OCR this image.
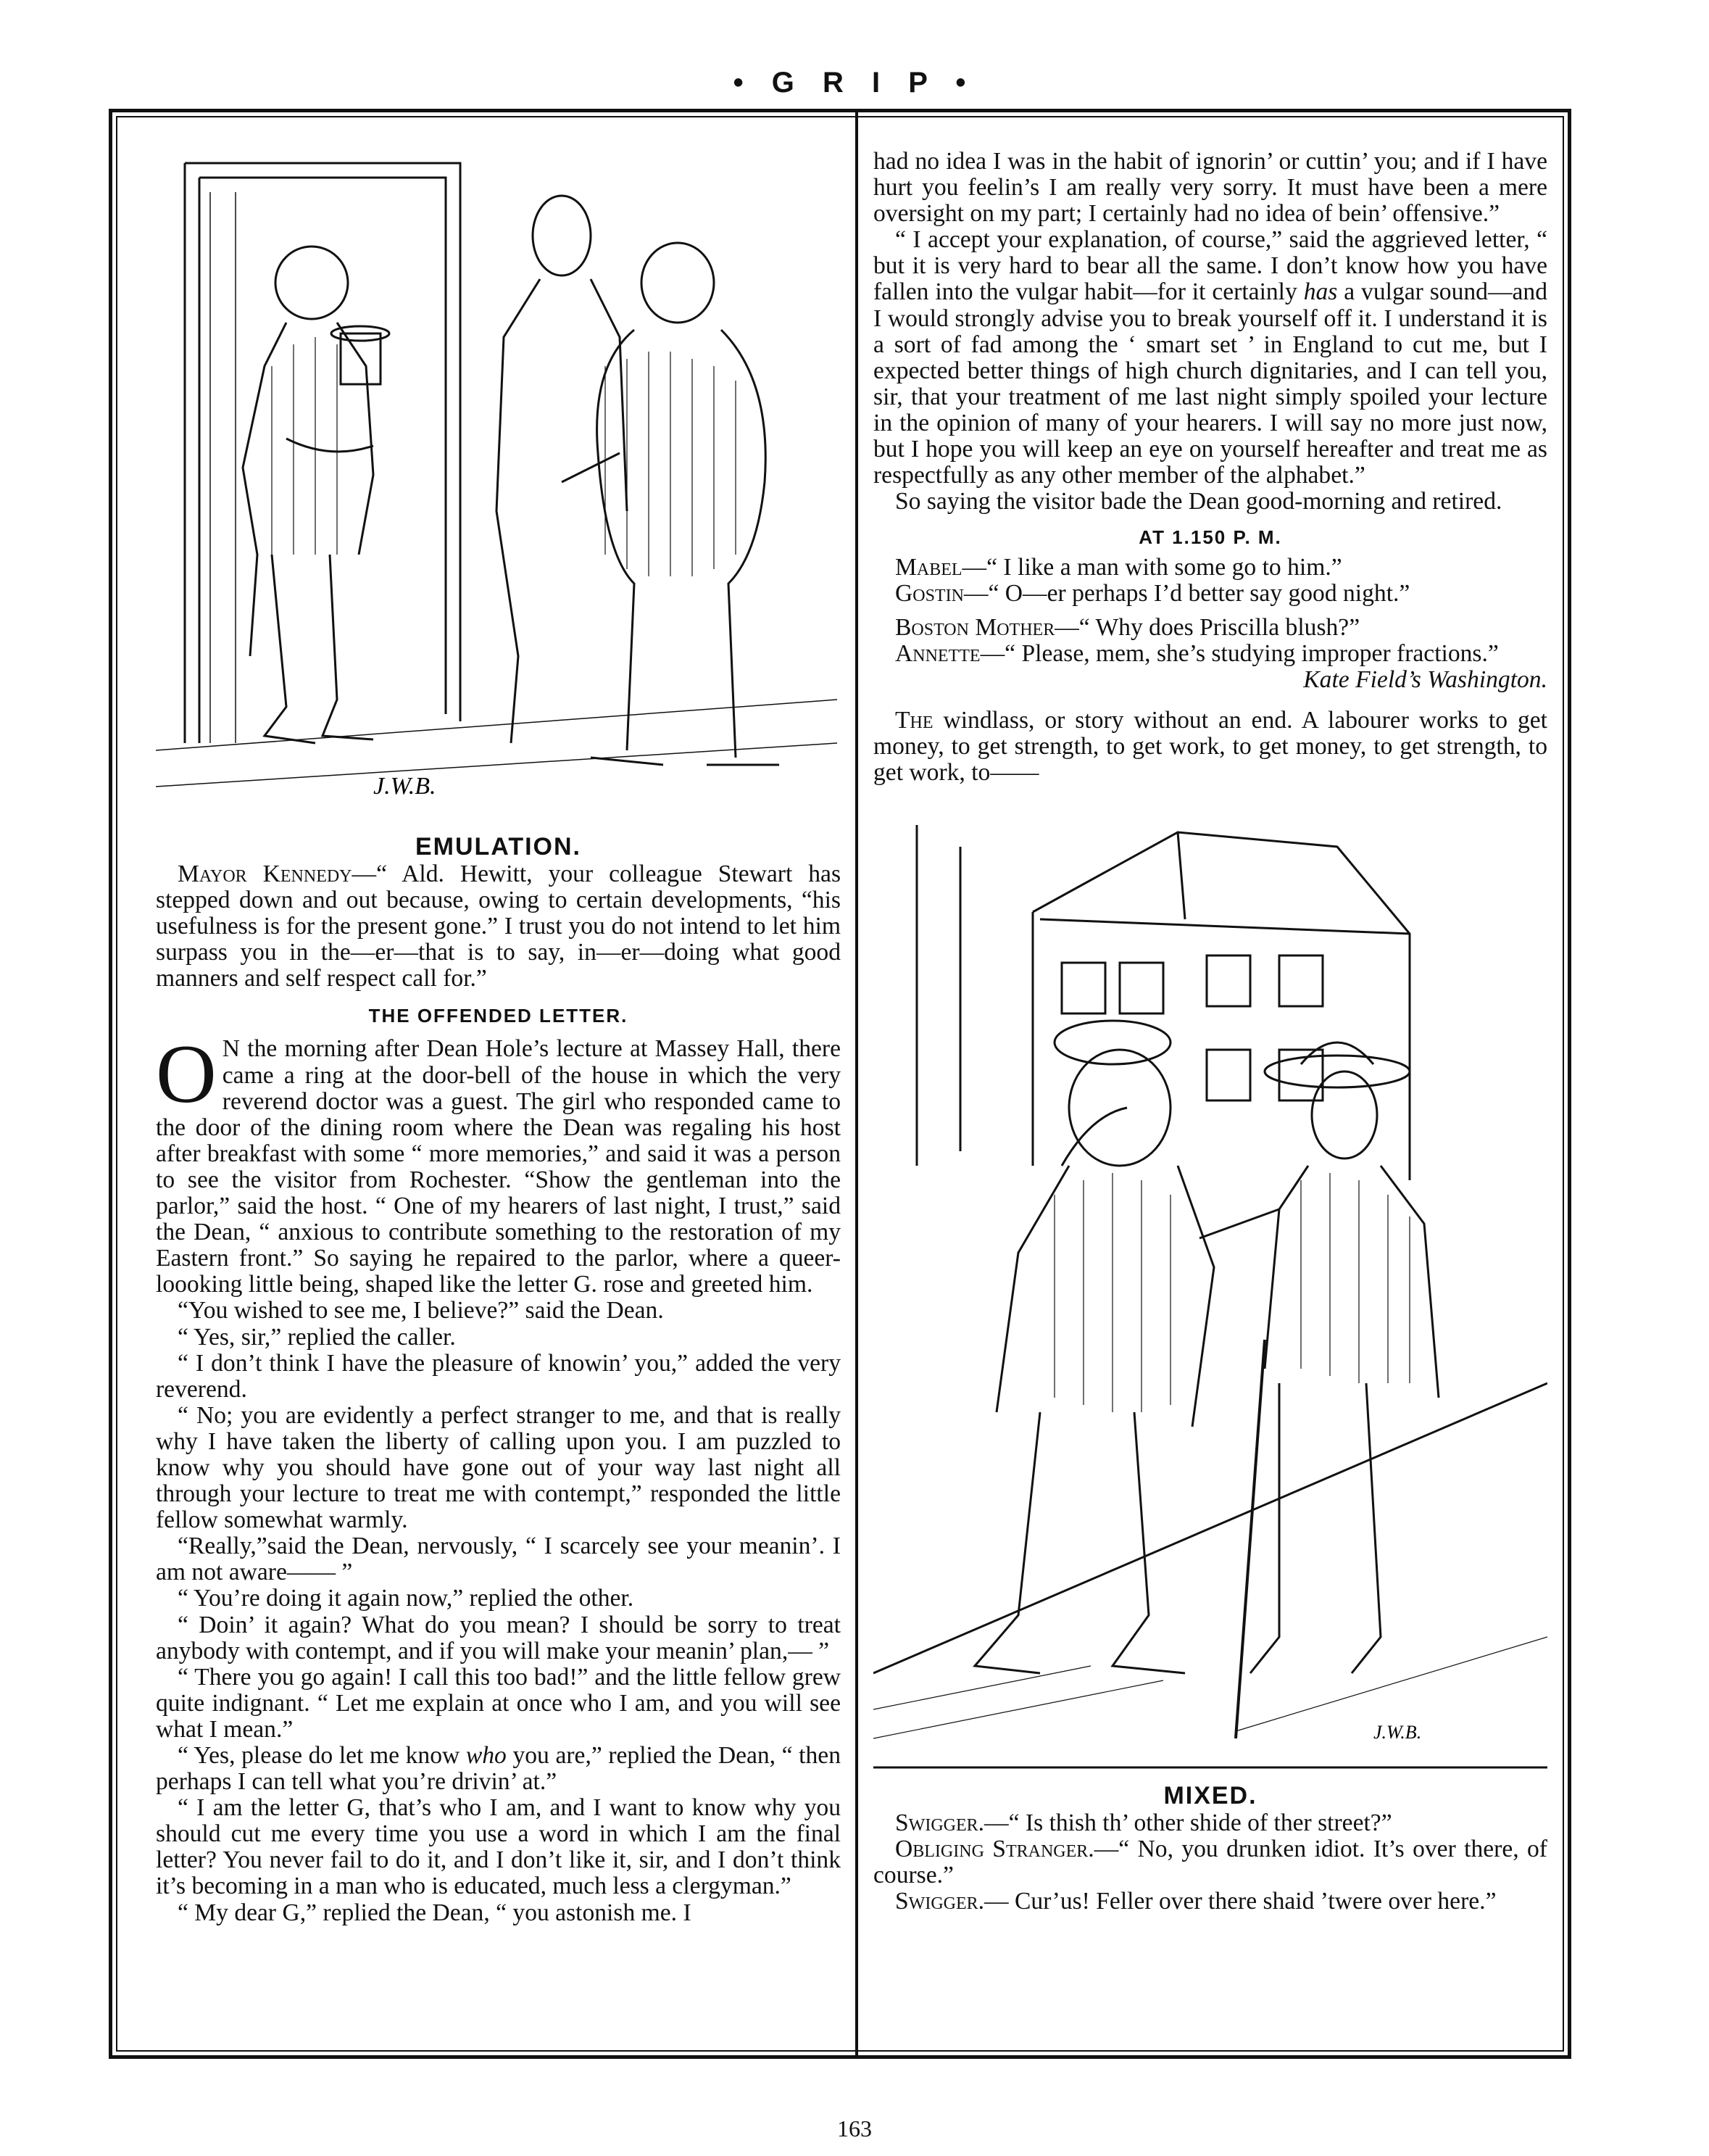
• G R I P •
J.W.B.

EMULATION.

Mayor Kennedy—“ Ald. Hewitt, your colleague Stewart has stepped down and out because, owing to certain developments, “his usefulness is for the present gone.” I trust you do not intend to let him surpass you in the—er—that is to say, in—er—doing what good manners and self respect call for.”

THE OFFENDED LETTER.

O N the morning after Dean Hole’s lecture at Massey Hall, there came a ring at the door-bell of the house in which the very reverend doctor was a guest. The girl who responded came to the door of the dining room where the Dean was regaling his host after breakfast with some “ more memories,” and said it was a person to see the visitor from Rochester. “Show the gentleman into the parlor,” said the host. “ One of my hearers of last night, I trust,” said the Dean, “ anxious to contribute something to the restoration of my Eastern front.” So saying he repaired to the parlor, where a queer-loooking little being, shaped like the letter G. rose and greeted him.

“You wished to see me, I believe?” said the Dean.

“ Yes, sir,” replied the caller.

“ I don’t think I have the pleasure of knowin’ you,” added the very reverend.

“ No; you are evidently a perfect stranger to me, and that is really why I have taken the liberty of calling upon you. I am puzzled to know why you should have gone out of your way last night all through your lecture to treat me with contempt,” responded the little fellow somewhat warmly.

“Really,”said the Dean, nervously, “ I scarcely see your meanin’. I am not aware—— ”

“ You’re doing it again now,” replied the other.

“ Doin’ it again? What do you mean? I should be sorry to treat anybody with contempt, and if you will make your meanin’ plan,— ”

“ There you go again! I call this too bad!” and the little fellow grew quite indignant. “ Let me explain at once who I am, and you will see what I mean.”

“ Yes, please do let me know who you are,” replied the Dean, “ then perhaps I can tell what you’re drivin’ at.”

“ I am the letter G, that’s who I am, and I want to know why you should cut me every time you use a word in which I am the final letter? You never fail to do it, and I don’t like it, sir, and I don’t think it’s becoming in a man who is educated, much less a clergyman.”

“ My dear G,” replied the Dean, “ you astonish me. I

had no idea I was in the habit of ignorin’ or cuttin’ you; and if I have hurt you feelin’s I am really very sorry. It must have been a mere oversight on my part; I certainly had no idea of bein’ offensive.”

“ I accept your explanation, of course,” said the aggrieved letter, “ but it is very hard to bear all the same. I don’t know how you have fallen into the vulgar habit—for it certainly has a vulgar sound—and I would strongly advise you to break yourself off it. I understand it is a sort of fad among the ‘ smart set ’ in England to cut me, but I expected better things of high church dignitaries, and I can tell you, sir, that your treatment of me last night simply spoiled your lecture in the opinion of many of your hearers. I will say no more just now, but I hope you will keep an eye on yourself hereafter and treat me as respectfully as any other member of the alphabet.”

So saying the visitor bade the Dean good-morning and retired.

AT 1.150 P. M.

Mabel—“ I like a man with some go to him.”

Gostin—“ O—er perhaps I’d better say good night.”

Boston Mother—“ Why does Priscilla blush?”

Annette—“ Please, mem, she’s studying improper fractions.”

Kate Field’s Washington.

The windlass, or story without an end. A labourer works to get money, to get strength, to get work, to get money, to get strength, to get work, to——

J.W.B.

MIXED.

Swigger.—“ Is thish th’ other shide of ther street?”

Obliging Stranger.—“ No, you drunken idiot. It’s over there, of course.”

Swigger.— Cur’us! Feller over there shaid ’twere over here.”

163
